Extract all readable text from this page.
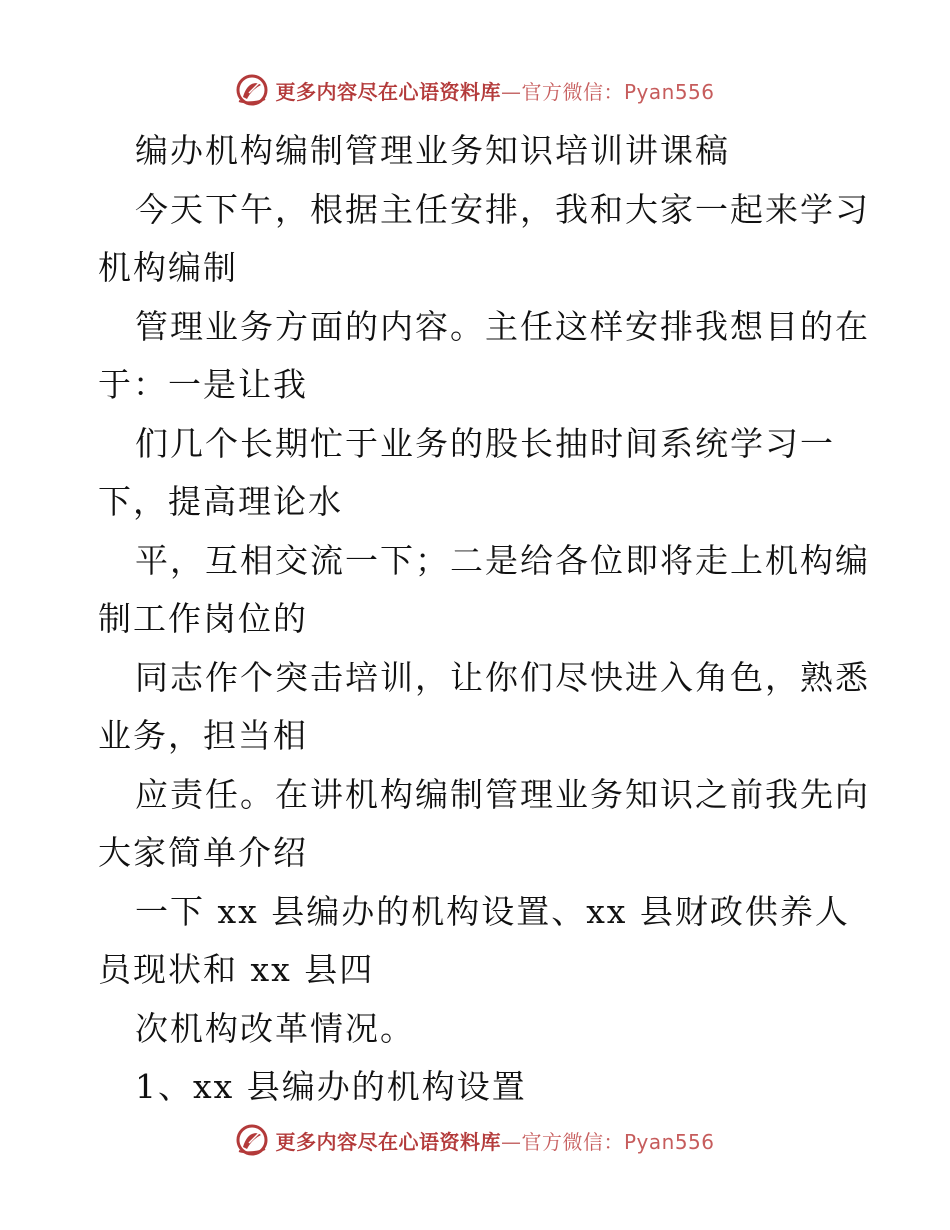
更多内容尽在心语资料库—官方微信：Pyan556
编办机构编制管理业务知识培训讲课稿
今天下午，根据主任安排，我和大家一起来学习
机构编制
管理业务方面的内容。主任这样安排我想目的在
于：一是让我
们几个长期忙于业务的股长抽时间系统学习一
下，提高理论水
平，互相交流一下；二是给各位即将走上机构编
制工作岗位的
同志作个突击培训，让你们尽快进入角色，熟悉
业务，担当相
应责任。在讲机构编制管理业务知识之前我先向
大家简单介绍
一下 xx 县编办的机构设置、xx 县财政供养人
员现状和 xx 县四
次机构改革情况。
1、xx 县编办的机构设置
更多内容尽在心语资料库—官方微信：Pyan556
